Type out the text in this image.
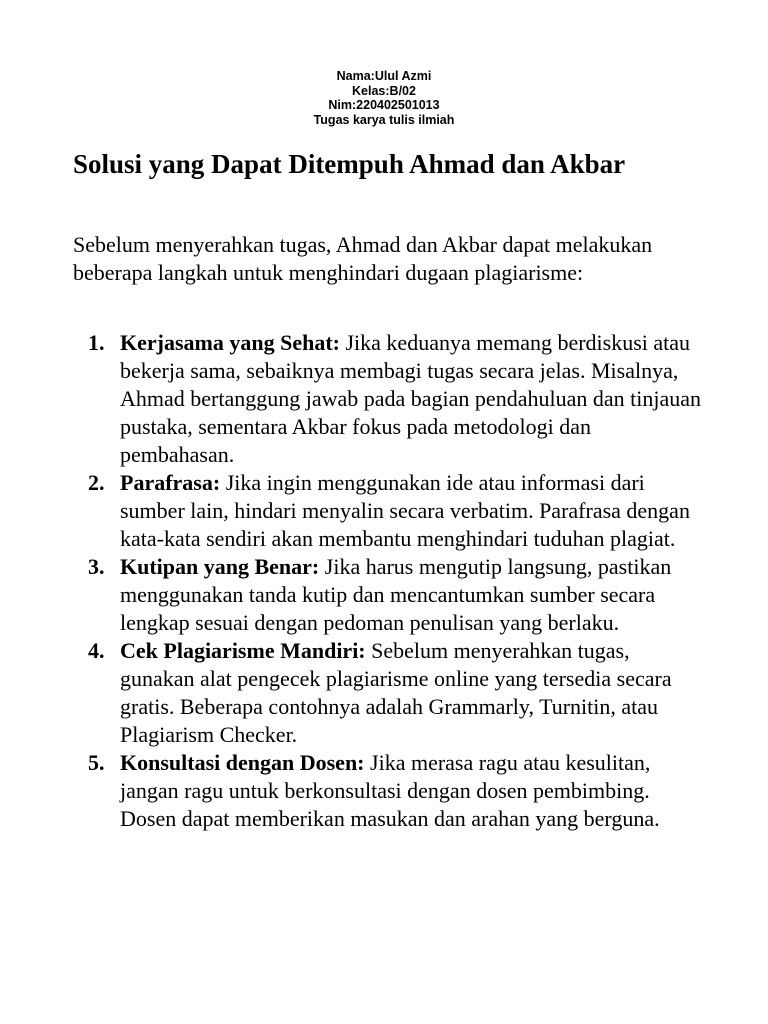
Nama:Ulul Azmi
Kelas:B/02
Nim:220402501013
Tugas karya tulis ilmiah
Solusi yang Dapat Ditempuh Ahmad dan Akbar

Sebelum menyerahkan tugas, Ahmad dan Akbar dapat melakukan beberapa langkah untuk menghindari dugaan plagiarisme:

1. Kerjasama yang Sehat: Jika keduanya memang berdiskusi atau bekerja sama, sebaiknya membagi tugas secara jelas. Misalnya, Ahmad bertanggung jawab pada bagian pendahuluan dan tinjauan pustaka, sementara Akbar fokus pada metodologi dan pembahasan.
2. Parafrasa: Jika ingin menggunakan ide atau informasi dari sumber lain, hindari menyalin secara verbatim. Parafrasa dengan kata-kata sendiri akan membantu menghindari tuduhan plagiat.
3. Kutipan yang Benar: Jika harus mengutip langsung, pastikan menggunakan tanda kutip dan mencantumkan sumber secara lengkap sesuai dengan pedoman penulisan yang berlaku.
4. Cek Plagiarisme Mandiri: Sebelum menyerahkan tugas, gunakan alat pengecek plagiarisme online yang tersedia secara gratis. Beberapa contohnya adalah Grammarly, Turnitin, atau Plagiarism Checker.
5. Konsultasi dengan Dosen: Jika merasa ragu atau kesulitan, jangan ragu untuk berkonsultasi dengan dosen pembimbing. Dosen dapat memberikan masukan dan arahan yang berguna.
